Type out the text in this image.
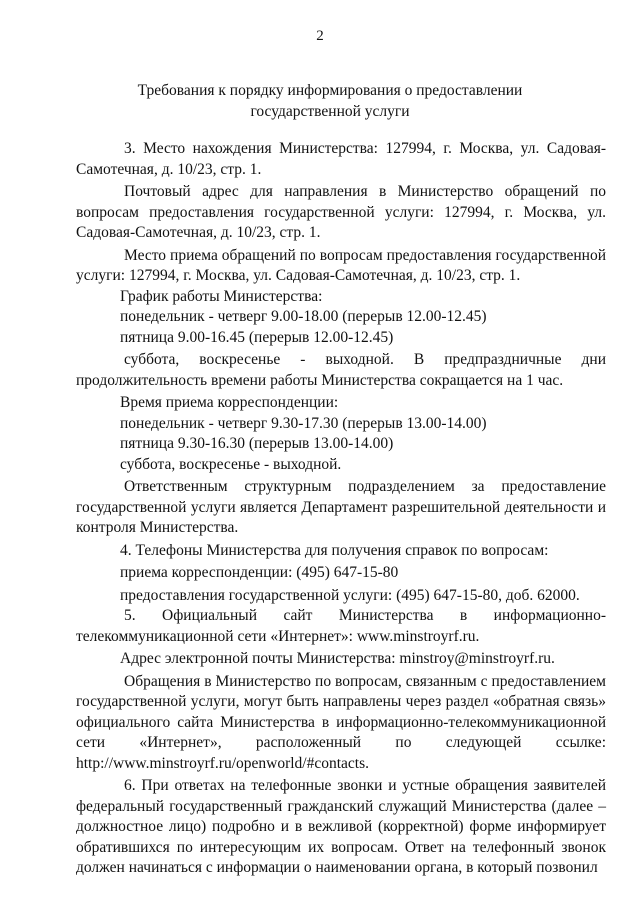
2
Требования к порядку информирования о предоставлении
государственной услуги

3. Место нахождения Министерства: 127994, г. Москва, ул. Садовая-Самотечная, д. 10/23, стр. 1.

Почтовый адрес для направления в Министерство обращений по вопросам предоставления государственной услуги: 127994, г. Москва, ул. Садовая-Самотечная, д. 10/23, стр. 1.

Место приема обращений по вопросам предоставления государственной услуги: 127994, г. Москва, ул. Садовая-Самотечная, д. 10/23, стр. 1.

График работы Министерства:

понедельник - четверг 9.00-18.00 (перерыв 12.00-12.45)

пятница 9.00-16.45 (перерыв 12.00-12.45)

суббота, воскресенье - выходной. В предпраздничные дни продолжительность времени работы Министерства сокращается на 1 час.

Время приема корреспонденции:

понедельник - четверг 9.30-17.30 (перерыв 13.00-14.00)

пятница 9.30-16.30 (перерыв 13.00-14.00)

суббота, воскресенье - выходной.

Ответственным структурным подразделением за предоставление государственной услуги является Департамент разрешительной деятельности и контроля Министерства.

4. Телефоны Министерства для получения справок по вопросам:

приема корреспонденции: (495) 647-15-80

предоставления государственной услуги: (495) 647-15-80, доб. 62000.

5. Официальный сайт Министерства в информационно-телекоммуникационной сети «Интернет»: www.minstroyrf.ru.

Адрес электронной почты Министерства: minstroy@minstroyrf.ru.

Обращения в Министерство по вопросам, связанным с предоставлением государственной услуги, могут быть направлены через раздел «обратная связь» официального сайта Министерства в информационно-телекоммуникационной сети «Интернет», расположенный по следующей ссылке: http://www.minstroyrf.ru/openworld/#contacts.

6. При ответах на телефонные звонки и устные обращения заявителей федеральный государственный гражданский служащий Министерства (далее – должностное лицо) подробно и в вежливой (корректной) форме информирует обратившихся по интересующим их вопросам. Ответ на телефонный звонок должен начинаться с информации о наименовании органа, в который позвонил
